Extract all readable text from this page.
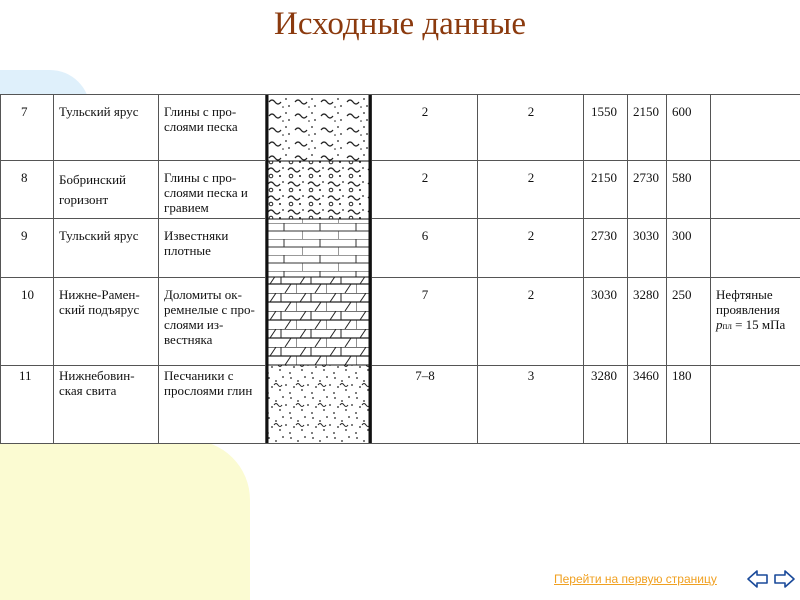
Исходные данные
7	Тульский ярус	Глины с про-
слоями песка		2	2	1550	2150	600	
8	Бобринский
горизонт	Глины с про-
слоями песка и
гравием		2	2	2150	2730	580	
9	Тульский ярус	Известняки
плотные		6	2	2730	3030	300	
10	Нижне-Рамен-
ский подъярус	Доломиты ок-
ремнелые с про-
слоями из-
вестняка		7	2	3030	3280	250	Нефтяные
проявления
pпл = 15 мПа
11	Нижнебовин-
ская свита	Песчаники с
прослоями глин		7–8	3	3280	3460	180	
Перейти на первую страницу
